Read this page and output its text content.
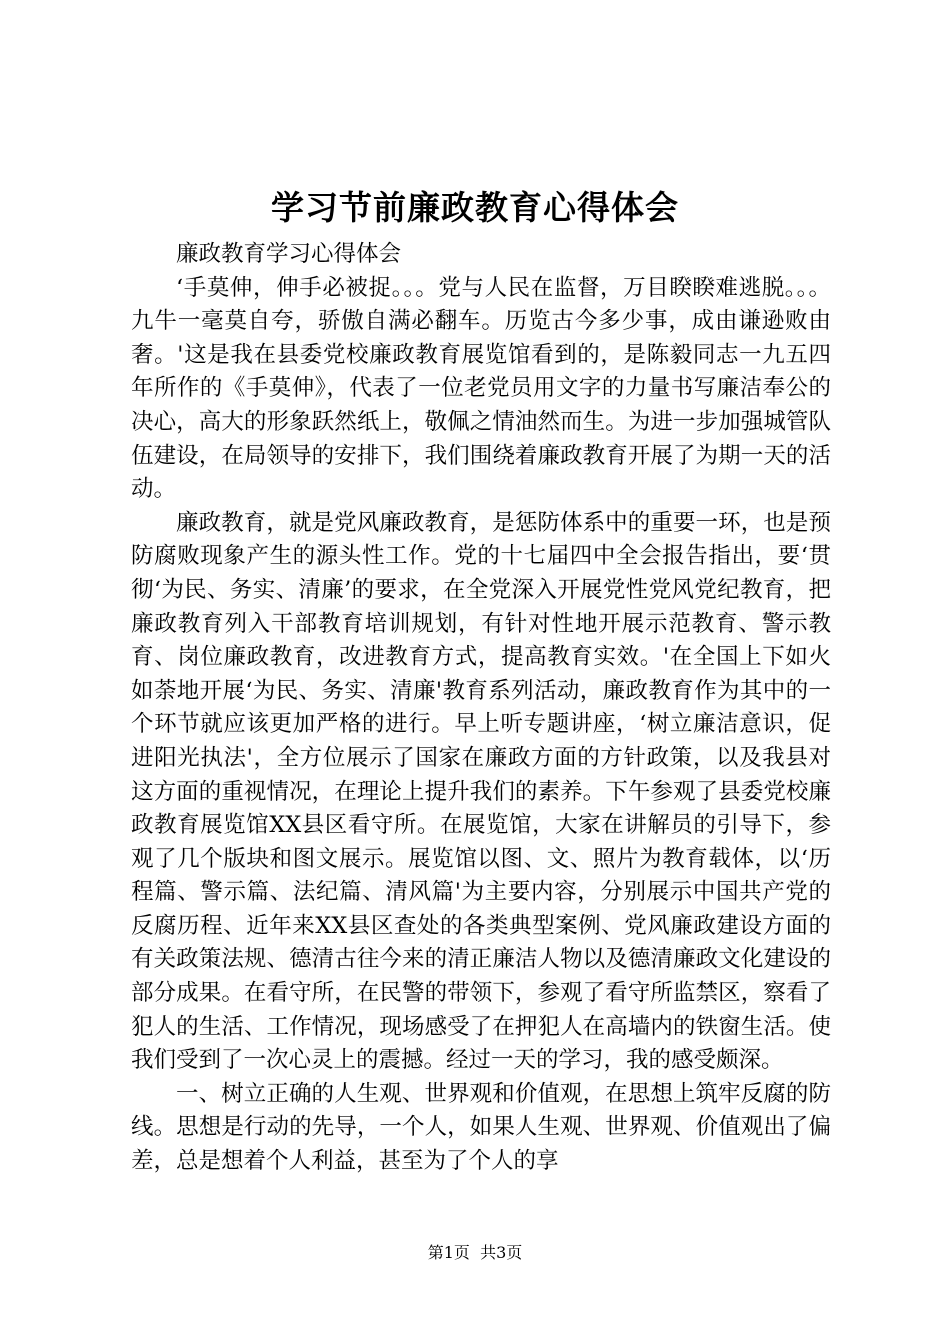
学习节前廉政教育心得体会

廉政教育学习心得体会

‘手莫伸，伸手必被捉。。。党与人民在监督，万目睽睽难逃脱。。。九牛一毫莫自夸，骄傲自满必翻车。历览古今多少事，成由谦逊败由奢。'这是我在县委党校廉政教育展览馆看到的，是陈毅同志一九五四年所作的《手莫伸》，代表了一位老党员用文字的力量书写廉洁奉公的决心，高大的形象跃然纸上，敬佩之情油然而生。为进一步加强城管队伍建设，在局领导的安排下，我们围绕着廉政教育开展了为期一天的活动。

廉政教育，就是党风廉政教育，是惩防体系中的重要一环，也是预防腐败现象产生的源头性工作。党的十七届四中全会报告指出，要‘贯彻‘为民、务实、清廉’的要求，在全党深入开展党性党风党纪教育，把廉政教育列入干部教育培训规划，有针对性地开展示范教育、警示教育、岗位廉政教育，改进教育方式，提高教育实效。'在全国上下如火如荼地开展‘为民、务实、清廉'教育系列活动，廉政教育作为其中的一个环节就应该更加严格的进行。早上听专题讲座，‘树立廉洁意识，促进阳光执法'，全方位展示了国家在廉政方面的方针政策，以及我县对这方面的重视情况，在理论上提升我们的素养。下午参观了县委党校廉政教育展览馆XX县区看守所。在展览馆，大家在讲解员的引导下，参观了几个版块和图文展示。展览馆以图、文、照片为教育载体，以‘历程篇、警示篇、法纪篇、清风篇'为主要内容，分别展示中国共产党的反腐历程、近年来XX县区查处的各类典型案例、党风廉政建设方面的有关政策法规、德清古往今来的清正廉洁人物以及德清廉政文化建设的部分成果。在看守所，在民警的带领下，参观了看守所监禁区，察看了犯人的生活、工作情况，现场感受了在押犯人在高墙内的铁窗生活。使我们受到了一次心灵上的震撼。经过一天的学习，我的感受颇深。

一、树立正确的人生观、世界观和价值观，在思想上筑牢反腐的防线。思想是行动的先导，一个人，如果人生观、世界观、价值观出了偏差，总是想着个人利益，甚至为了个人的享

第1页 共3页
